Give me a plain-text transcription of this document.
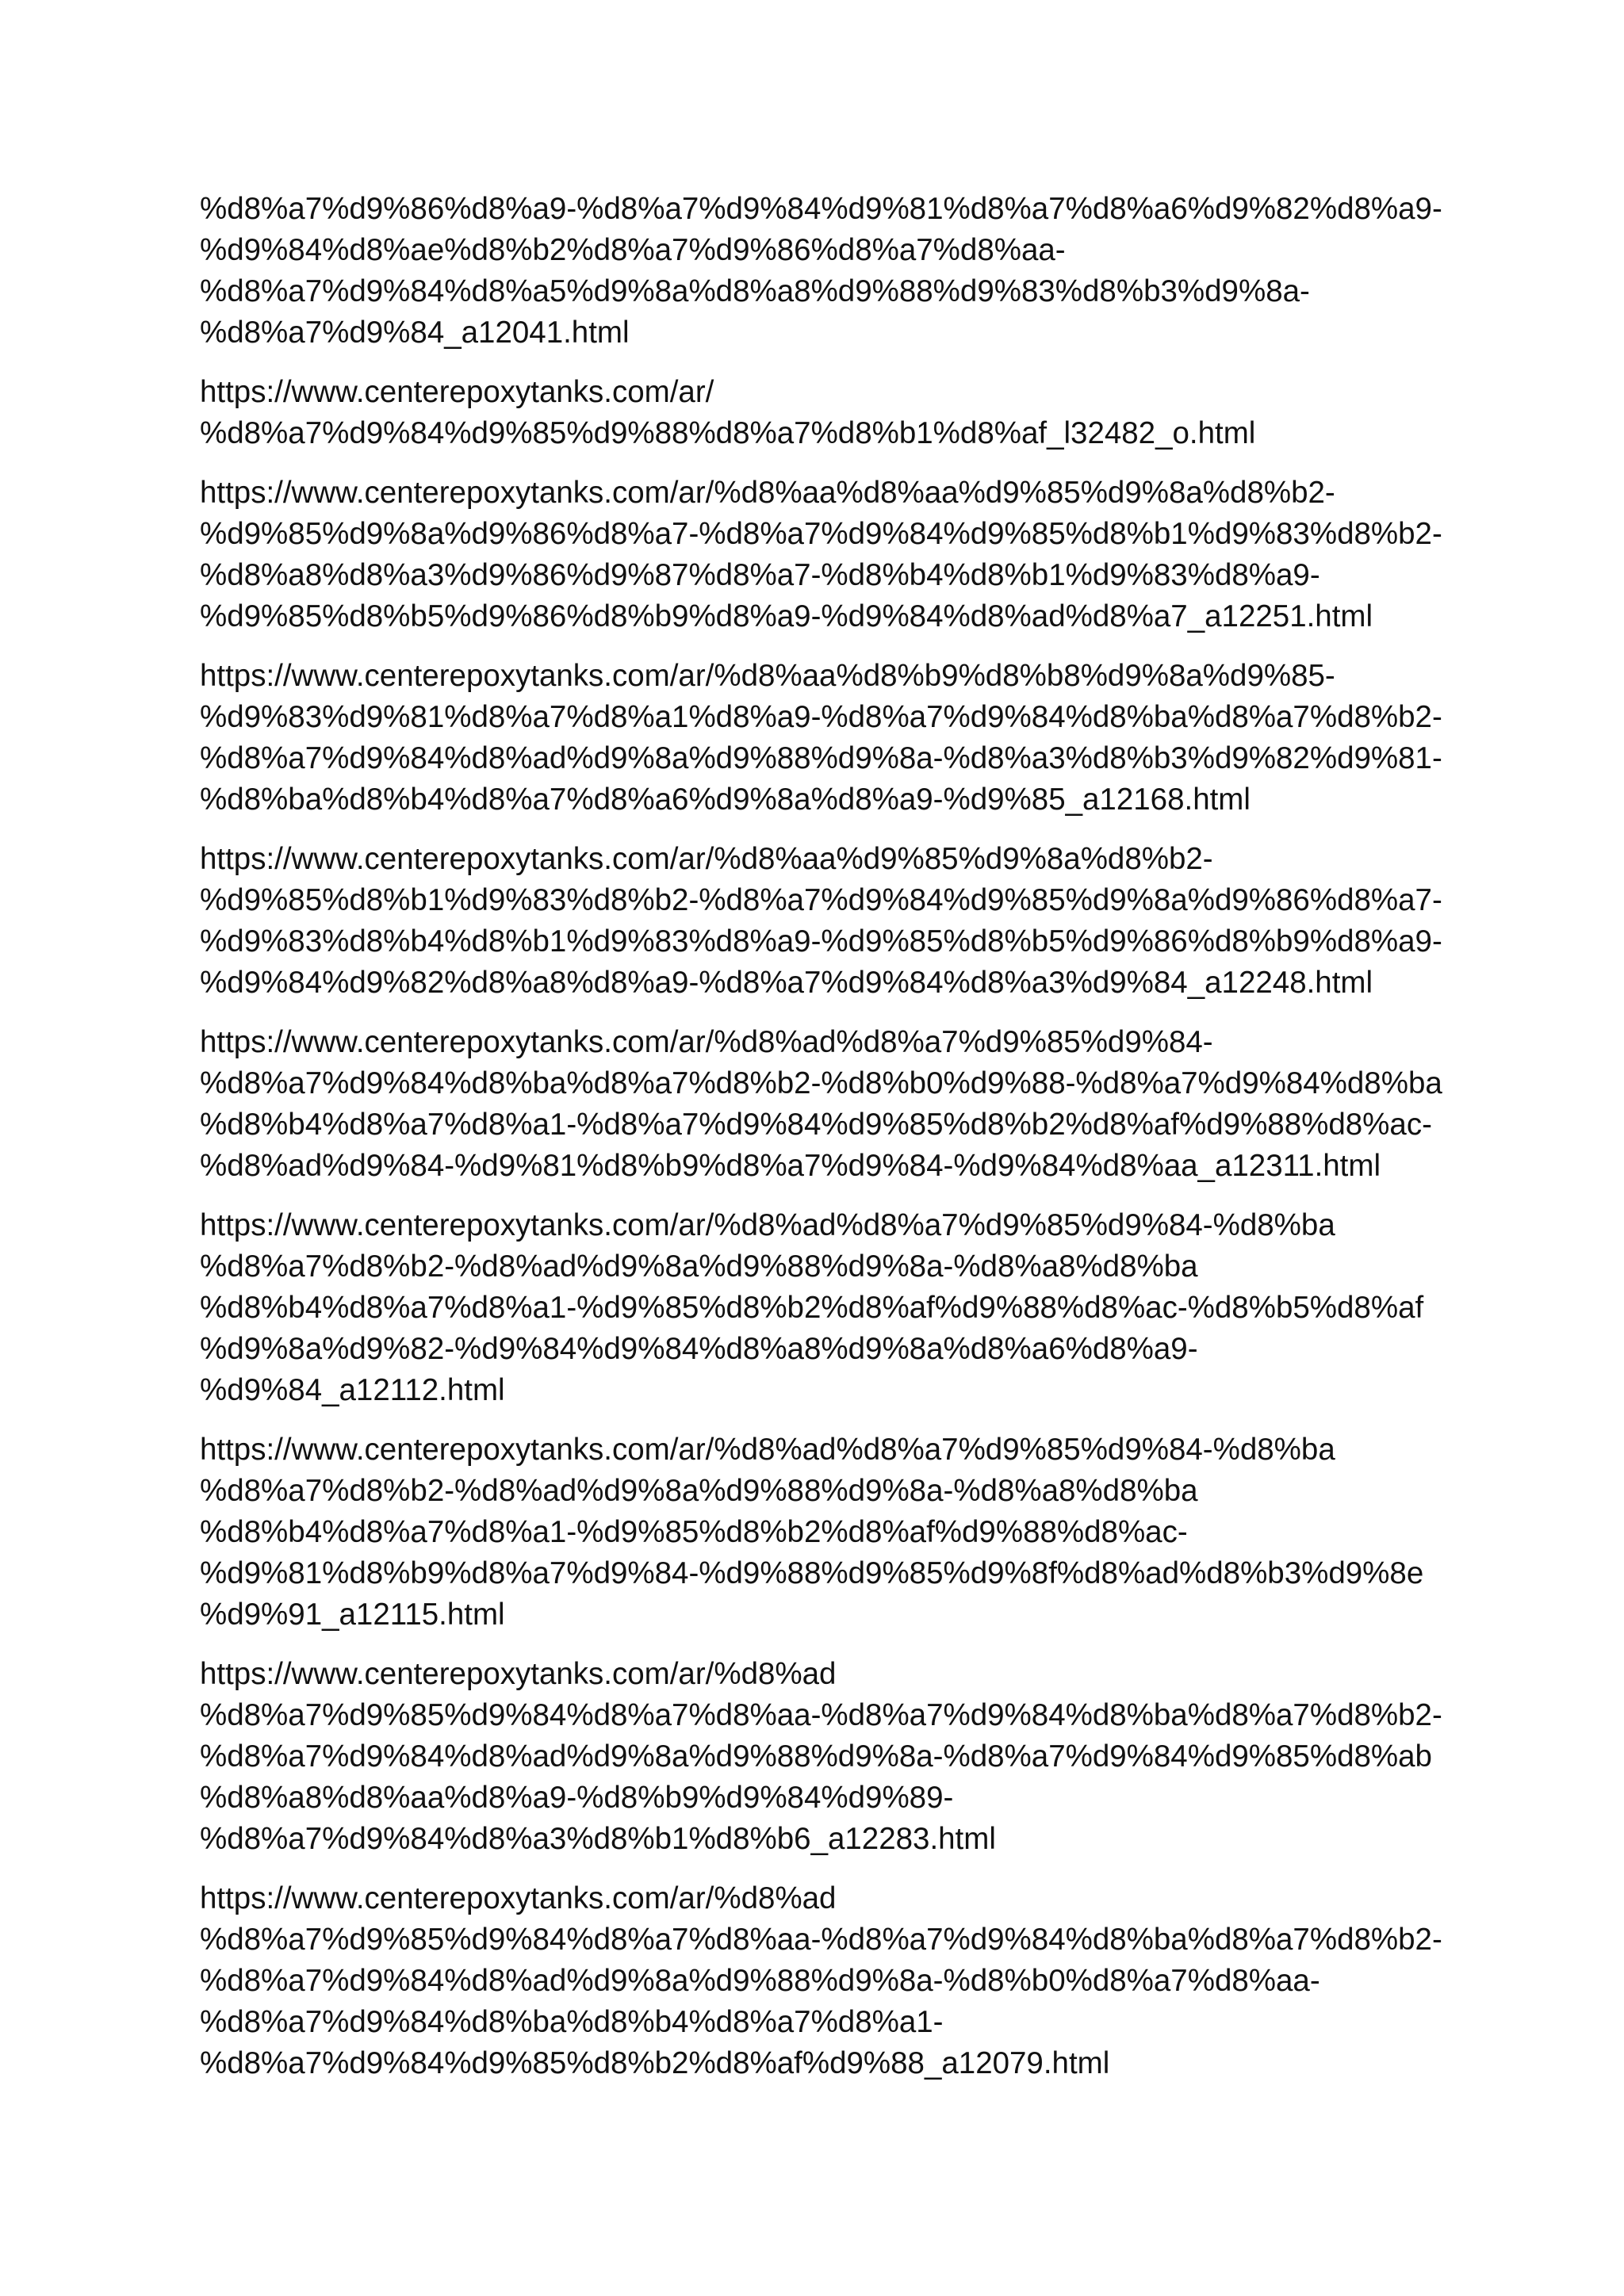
%d8%a7%d9%86%d8%a9-%d8%a7%d9%84%d9%81%d8%a7%d8%a6%d9%82%d8%a9-
%d9%84%d8%ae%d8%b2%d8%a7%d9%86%d8%a7%d8%aa-
%d8%a7%d9%84%d8%a5%d9%8a%d8%a8%d9%88%d9%83%d8%b3%d9%8a-
%d8%a7%d9%84_a12041.html
https://www.centerepoxytanks.com/ar/
%d8%a7%d9%84%d9%85%d9%88%d8%a7%d8%b1%d8%af_l32482_o.html
https://www.centerepoxytanks.com/ar/%d8%aa%d8%aa%d9%85%d9%8a%d8%b2-
%d9%85%d9%8a%d9%86%d8%a7-%d8%a7%d9%84%d9%85%d8%b1%d9%83%d8%b2-
%d8%a8%d8%a3%d9%86%d9%87%d8%a7-%d8%b4%d8%b1%d9%83%d8%a9-
%d9%85%d8%b5%d9%86%d8%b9%d8%a9-%d9%84%d8%ad%d8%a7_a12251.html
https://www.centerepoxytanks.com/ar/%d8%aa%d8%b9%d8%b8%d9%8a%d9%85-
%d9%83%d9%81%d8%a7%d8%a1%d8%a9-%d8%a7%d9%84%d8%ba%d8%a7%d8%b2-
%d8%a7%d9%84%d8%ad%d9%8a%d9%88%d9%8a-%d8%a3%d8%b3%d9%82%d9%81-
%d8%ba%d8%b4%d8%a7%d8%a6%d9%8a%d8%a9-%d9%85_a12168.html
https://www.centerepoxytanks.com/ar/%d8%aa%d9%85%d9%8a%d8%b2-
%d9%85%d8%b1%d9%83%d8%b2-%d8%a7%d9%84%d9%85%d9%8a%d9%86%d8%a7-
%d9%83%d8%b4%d8%b1%d9%83%d8%a9-%d9%85%d8%b5%d9%86%d8%b9%d8%a9-
%d9%84%d9%82%d8%a8%d8%a9-%d8%a7%d9%84%d8%a3%d9%84_a12248.html
https://www.centerepoxytanks.com/ar/%d8%ad%d8%a7%d9%85%d9%84-
%d8%a7%d9%84%d8%ba%d8%a7%d8%b2-%d8%b0%d9%88-%d8%a7%d9%84%d8%ba
%d8%b4%d8%a7%d8%a1-%d8%a7%d9%84%d9%85%d8%b2%d8%af%d9%88%d8%ac-
%d8%ad%d9%84-%d9%81%d8%b9%d8%a7%d9%84-%d9%84%d8%aa_a12311.html
https://www.centerepoxytanks.com/ar/%d8%ad%d8%a7%d9%85%d9%84-%d8%ba
%d8%a7%d8%b2-%d8%ad%d9%8a%d9%88%d9%8a-%d8%a8%d8%ba
%d8%b4%d8%a7%d8%a1-%d9%85%d8%b2%d8%af%d9%88%d8%ac-%d8%b5%d8%af
%d9%8a%d9%82-%d9%84%d9%84%d8%a8%d9%8a%d8%a6%d8%a9-
%d9%84_a12112.html
https://www.centerepoxytanks.com/ar/%d8%ad%d8%a7%d9%85%d9%84-%d8%ba
%d8%a7%d8%b2-%d8%ad%d9%8a%d9%88%d9%8a-%d8%a8%d8%ba
%d8%b4%d8%a7%d8%a1-%d9%85%d8%b2%d8%af%d9%88%d8%ac-
%d9%81%d8%b9%d8%a7%d9%84-%d9%88%d9%85%d9%8f%d8%ad%d8%b3%d9%8e
%d9%91_a12115.html
https://www.centerepoxytanks.com/ar/%d8%ad
%d8%a7%d9%85%d9%84%d8%a7%d8%aa-%d8%a7%d9%84%d8%ba%d8%a7%d8%b2-
%d8%a7%d9%84%d8%ad%d9%8a%d9%88%d9%8a-%d8%a7%d9%84%d9%85%d8%ab
%d8%a8%d8%aa%d8%a9-%d8%b9%d9%84%d9%89-
%d8%a7%d9%84%d8%a3%d8%b1%d8%b6_a12283.html
https://www.centerepoxytanks.com/ar/%d8%ad
%d8%a7%d9%85%d9%84%d8%a7%d8%aa-%d8%a7%d9%84%d8%ba%d8%a7%d8%b2-
%d8%a7%d9%84%d8%ad%d9%8a%d9%88%d9%8a-%d8%b0%d8%a7%d8%aa-
%d8%a7%d9%84%d8%ba%d8%b4%d8%a7%d8%a1-
%d8%a7%d9%84%d9%85%d8%b2%d8%af%d9%88_a12079.html
